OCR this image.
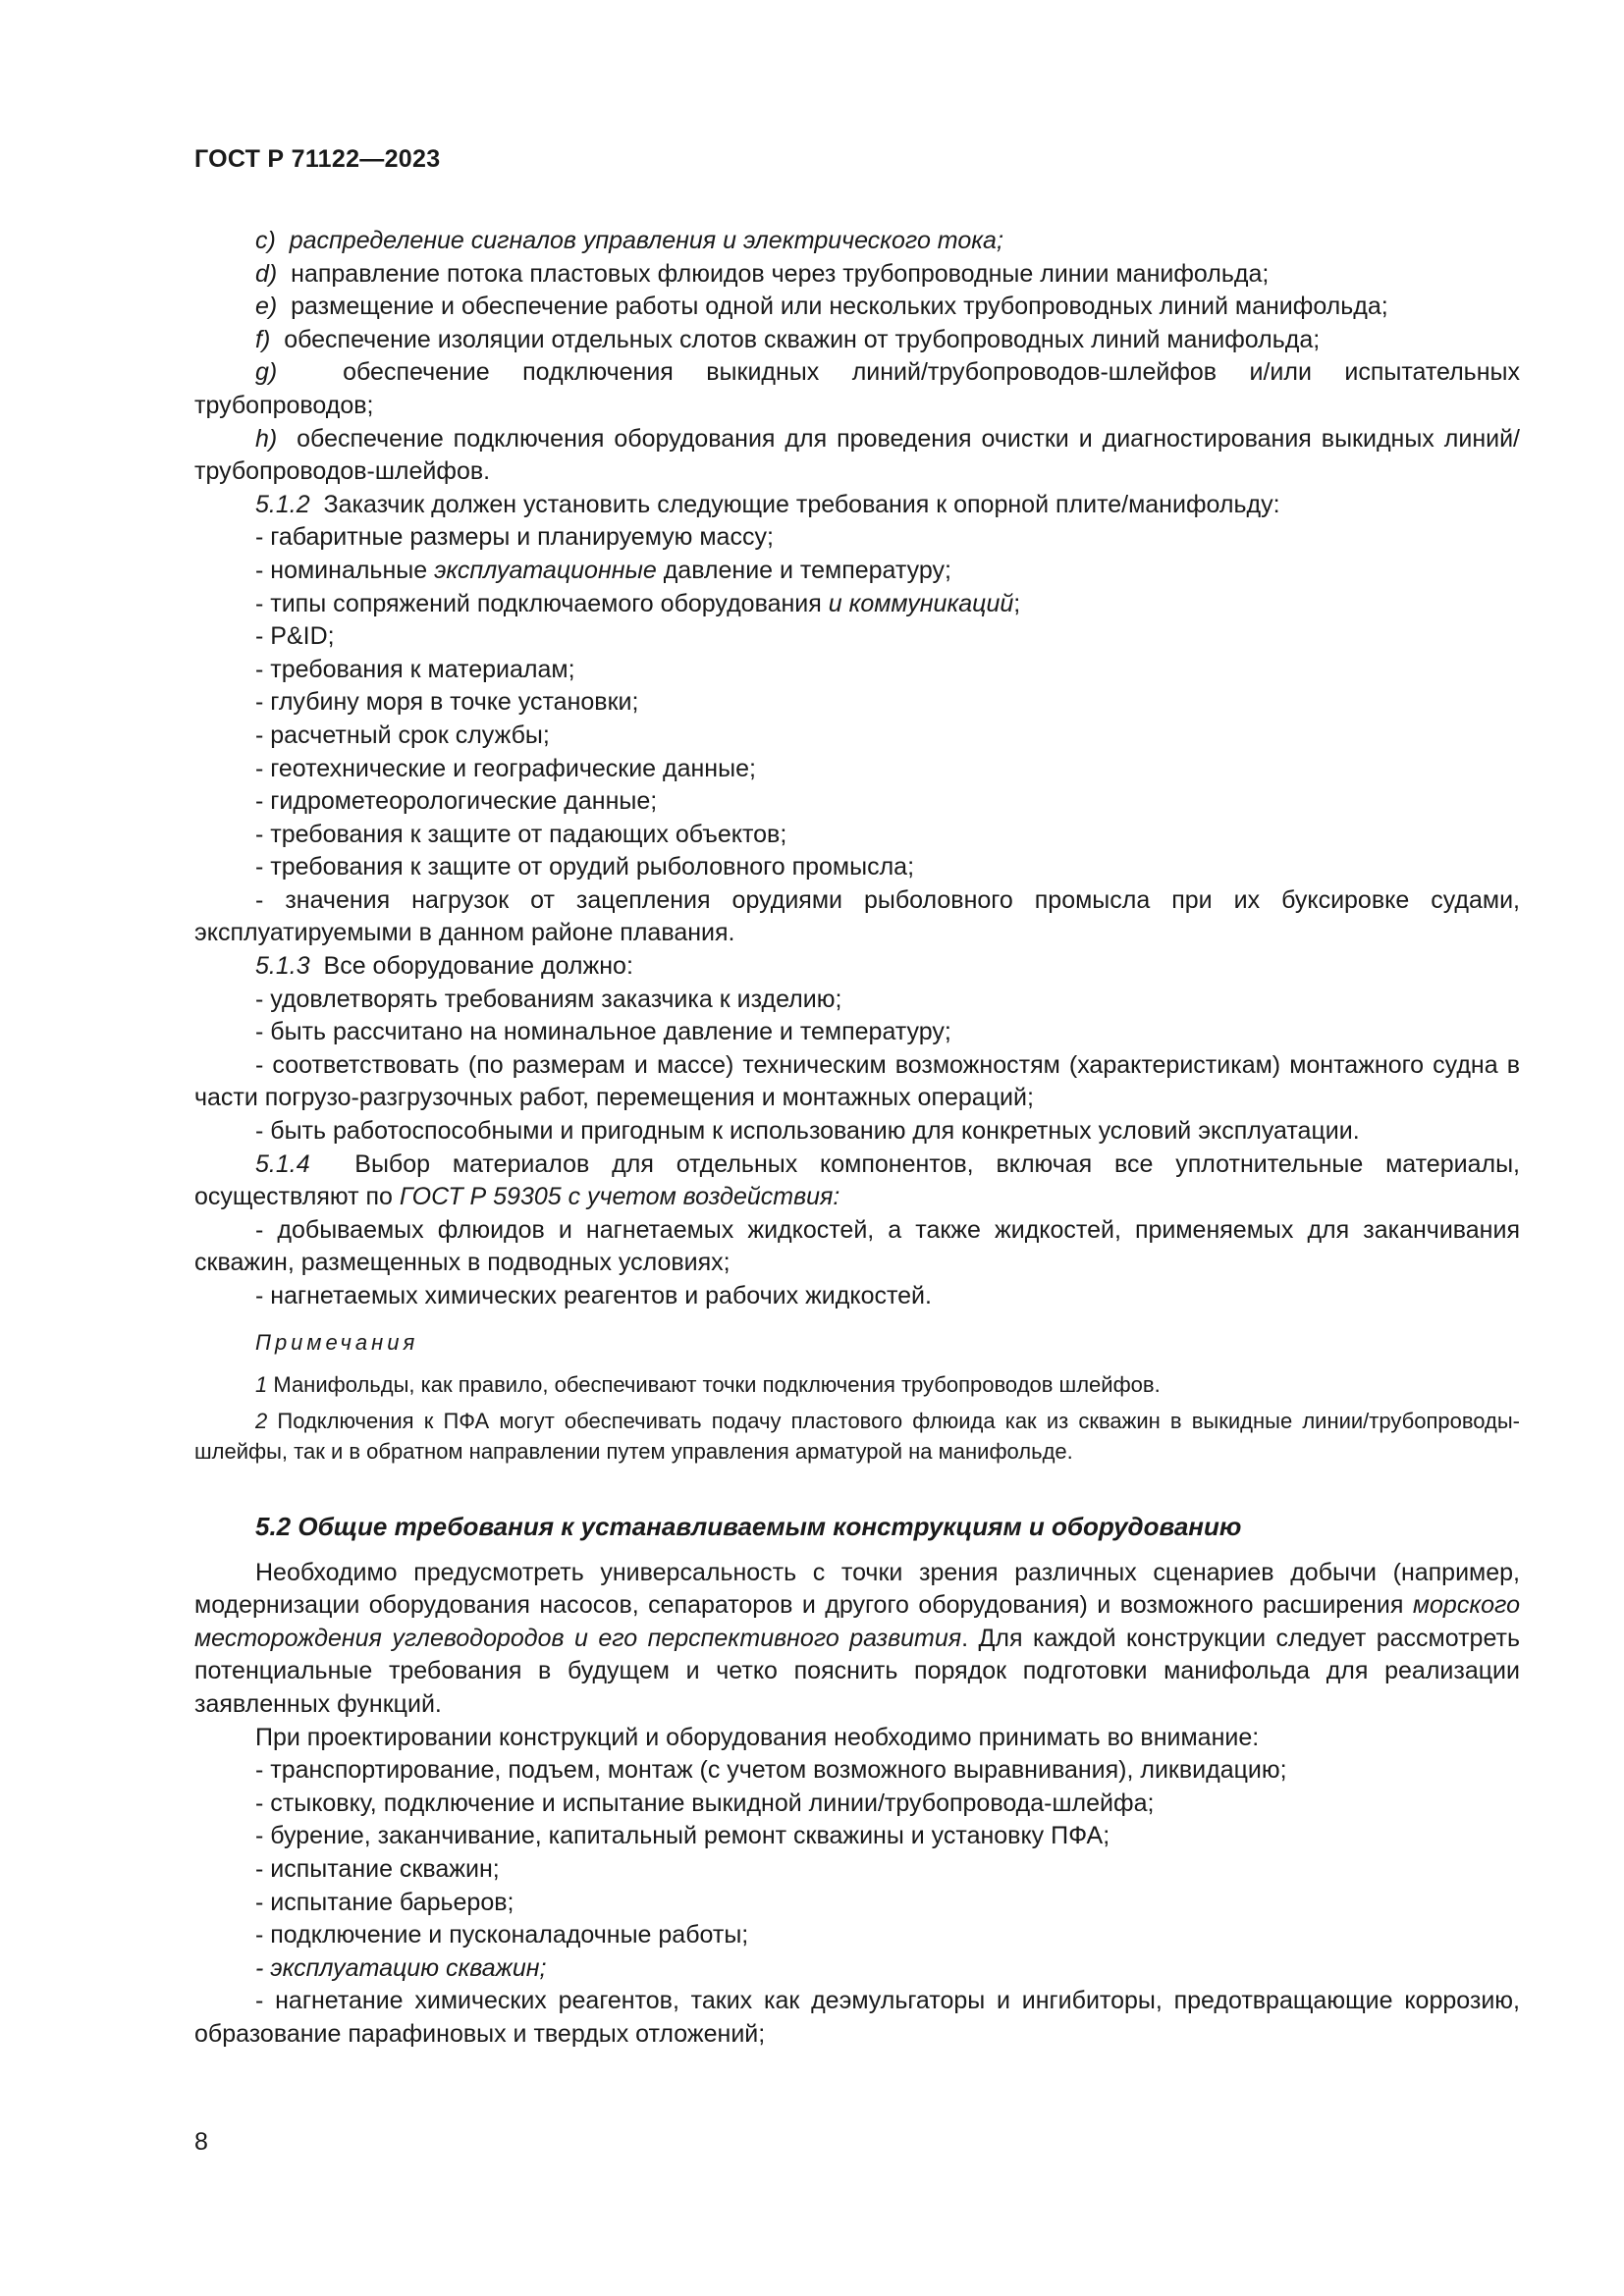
ГОСТ Р 71122—2023

c) распределение сигналов управления и электрического тока;

d) направление потока пластовых флюидов через трубопроводные линии манифольда;

e) размещение и обеспечение работы одной или нескольких трубопроводных линий манифольда;

f) обеспечение изоляции отдельных слотов скважин от трубопроводных линий манифольда;

g)	обеспечение подключения выкидных линий/трубопроводов-шлейфов и/или испытательных трубопроводов;

h) обеспечение подключения оборудования для проведения очистки и диагностирования выкидных линий/трубопроводов-шлейфов.

5.1.2 Заказчик должен установить следующие требования к опорной плите/манифольду:

- габаритные размеры и планируемую массу;

- номинальные эксплуатационные давление и температуру;

- типы сопряжений подключаемого оборудования и коммуникаций;

- P&ID;

- требования к материалам;

- глубину моря в точке установки;

- расчетный срок службы;

- геотехнические и географические данные;

- гидрометеорологические данные;

- требования к защите от падающих объектов;

- требования к защите от орудий рыболовного промысла;

- значения нагрузок от зацепления орудиями рыболовного промысла при их буксировке судами, эксплуатируемыми в данном районе плавания.

5.1.3 Все оборудование должно:

- удовлетворять требованиям заказчика к изделию;

- быть рассчитано на номинальное давление и температуру;

- соответствовать (по размерам и массе) техническим возможностям (характеристикам) монтажного судна в части погрузо-разгрузочных работ, перемещения и монтажных операций;

- быть работоспособными и пригодным к использованию для конкретных условий эксплуатации.

5.1.4 Выбор материалов для отдельных компонентов, включая все уплотнительные материалы, осуществляют по ГОСТ Р 59305 с учетом воздействия:

- добываемых флюидов и нагнетаемых жидкостей, а также жидкостей, применяемых для заканчивания скважин, размещенных в подводных условиях;

- нагнетаемых химических реагентов и рабочих жидкостей.

Примечания

1 Манифольды, как правило, обеспечивают точки подключения трубопроводов шлейфов.

2 Подключения к ПФА могут обеспечивать подачу пластового флюида как из скважин в выкидные линии/трубопроводы-шлейфы, так и в обратном направлении путем управления арматурой на манифольде.

5.2 Общие требования к устанавливаемым конструкциям и оборудованию

Необходимо предусмотреть универсальность с точки зрения различных сценариев добычи (например, модернизации оборудования насосов, сепараторов и другого оборудования) и возможного расширения морского месторождения углеводородов и его перспективного развития. Для каждой конструкции следует рассмотреть потенциальные требования в будущем и четко пояснить порядок подготовки манифольда для реализации заявленных функций.

При проектировании конструкций и оборудования необходимо принимать во внимание:

- транспортирование, подъем, монтаж (с учетом возможного выравнивания), ликвидацию;

- стыковку, подключение и испытание выкидной линии/трубопровода-шлейфа;

- бурение, заканчивание, капитальный ремонт скважины и установку ПФА;

- испытание скважин;

- испытание барьеров;

- подключение и пусконаладочные работы;

- эксплуатацию скважин;

- нагнетание химических реагентов, таких как деэмульгаторы и ингибиторы, предотвращающие коррозию, образование парафиновых и твердых отложений;

8
